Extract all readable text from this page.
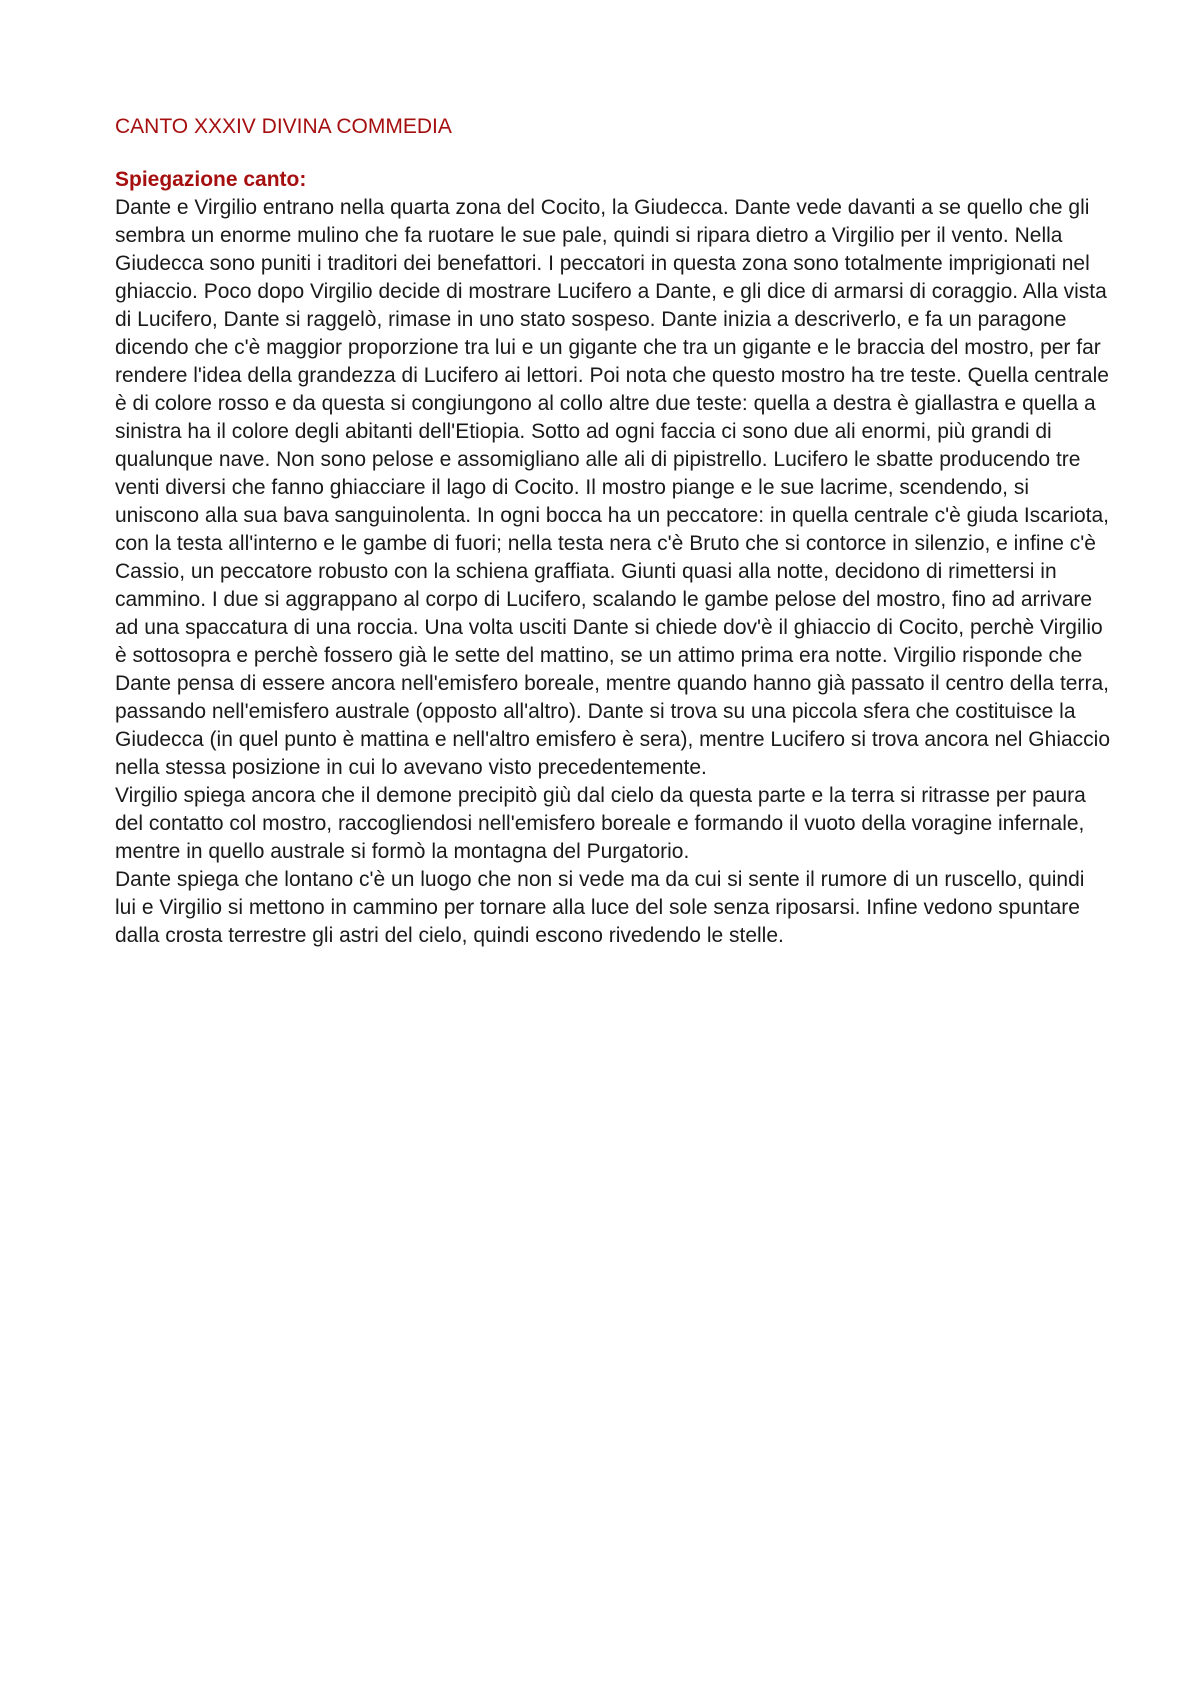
CANTO XXXIV DIVINA COMMEDIA
Spiegazione canto:

Dante e Virgilio entrano nella quarta zona del Cocito, la Giudecca. Dante vede davanti a se quello che gli sembra un enorme mulino che fa ruotare le sue pale, quindi si ripara dietro a Virgilio per il vento. Nella Giudecca sono puniti i traditori dei benefattori. I peccatori in questa zona sono totalmente imprigionati nel ghiaccio. Poco dopo Virgilio decide di mostrare Lucifero a Dante, e gli dice di armarsi di coraggio. Alla vista di Lucifero, Dante si raggelò, rimase in uno stato sospeso. Dante inizia a descriverlo, e fa un paragone dicendo che c'è maggior proporzione tra lui e un gigante che tra un gigante e le braccia del mostro, per far rendere l'idea della grandezza di Lucifero ai lettori. Poi nota che questo mostro ha tre teste. Quella centrale è di colore rosso e da questa si congiungono al collo altre due teste: quella a destra è giallastra e quella a sinistra ha il colore degli abitanti dell'Etiopia. Sotto ad ogni faccia ci sono due ali enormi, più grandi di qualunque nave. Non sono pelose e assomigliano alle ali di pipistrello. Lucifero le sbatte producendo tre venti diversi che fanno ghiacciare il lago di Cocito. Il mostro piange e le sue lacrime, scendendo, si uniscono alla sua bava sanguinolenta. In ogni bocca ha un peccatore: in quella centrale c'è giuda Iscariota, con la testa all'interno e le gambe di fuori; nella testa nera c'è Bruto che si contorce in silenzio, e infine c'è Cassio, un peccatore robusto con la schiena graffiata. Giunti quasi alla notte, decidono di rimettersi in cammino. I due si aggrappano al corpo di Lucifero, scalando le gambe pelose del mostro, fino ad arrivare ad una spaccatura di una roccia. Una volta usciti Dante si chiede dov'è il ghiaccio di Cocito, perchè Virgilio è sottosopra e perchè fossero già le sette del mattino, se un attimo prima era notte. Virgilio risponde che Dante pensa di essere ancora nell'emisfero boreale, mentre quando hanno già passato il centro della terra, passando nell'emisfero australe (opposto all'altro). Dante si trova su una piccola sfera che costituisce la Giudecca (in quel punto è mattina e nell'altro emisfero è sera), mentre Lucifero si trova ancora nel Ghiaccio nella stessa posizione in cui lo avevano visto precedentemente.

Virgilio spiega ancora che il demone precipitò giù dal cielo da questa parte e la terra si ritrasse per paura del contatto col mostro, raccogliendosi nell'emisfero boreale e formando il vuoto della voragine infernale, mentre in quello australe si formò la montagna del Purgatorio.

Dante spiega che lontano c'è un luogo che non si vede ma da cui si sente il rumore di un ruscello, quindi lui e Virgilio si mettono in cammino per tornare alla luce del sole senza riposarsi. Infine vedono spuntare dalla crosta terrestre gli astri del cielo, quindi escono rivedendo le stelle.
